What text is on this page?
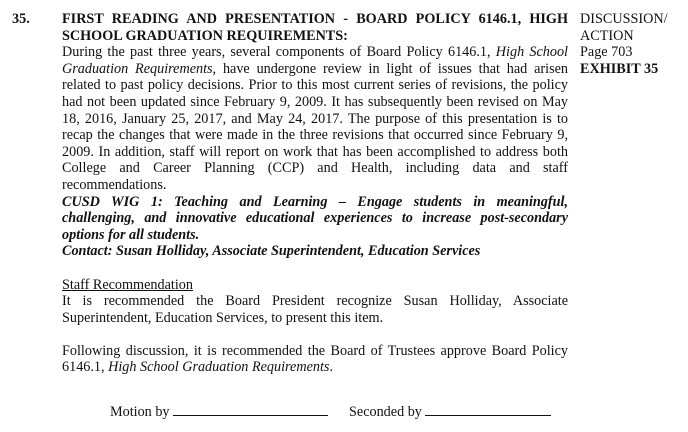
35. FIRST READING AND PRESENTATION - BOARD POLICY 6146.1, HIGH
SCHOOL GRADUATION REQUIREMENTS:
During the past three years, several components of Board Policy 6146.1, High School
Graduation Requirements, have undergone review in light of issues that had arisen
related to past policy decisions. Prior to this most current series of revisions, the policy
had not been updated since February 9, 2009. It has subsequently been revised on May
18, 2016, January 25, 2017, and May 24, 2017. The purpose of this presentation is to
recap the changes that were made in the three revisions that occurred since February 9,
2009. In addition, staff will report on work that has been accomplished to address both
College and Career Planning (CCP) and Health, including data and staff
recommendations.
CUSD WIG 1: Teaching and Learning – Engage students in meaningful,
challenging, and innovative educational experiences to increase post-secondary
options for all students.
Contact: Susan Holliday, Associate Superintendent, Education Services
Staff Recommendation
It is recommended the Board President recognize Susan Holliday, Associate
Superintendent, Education Services, to present this item.
Following discussion, it is recommended the Board of Trustees approve Board Policy
6146.1, High School Graduation Requirements.
DISCUSSION/
ACTION
Page 703
EXHIBIT 35
Motion by	Seconded by
